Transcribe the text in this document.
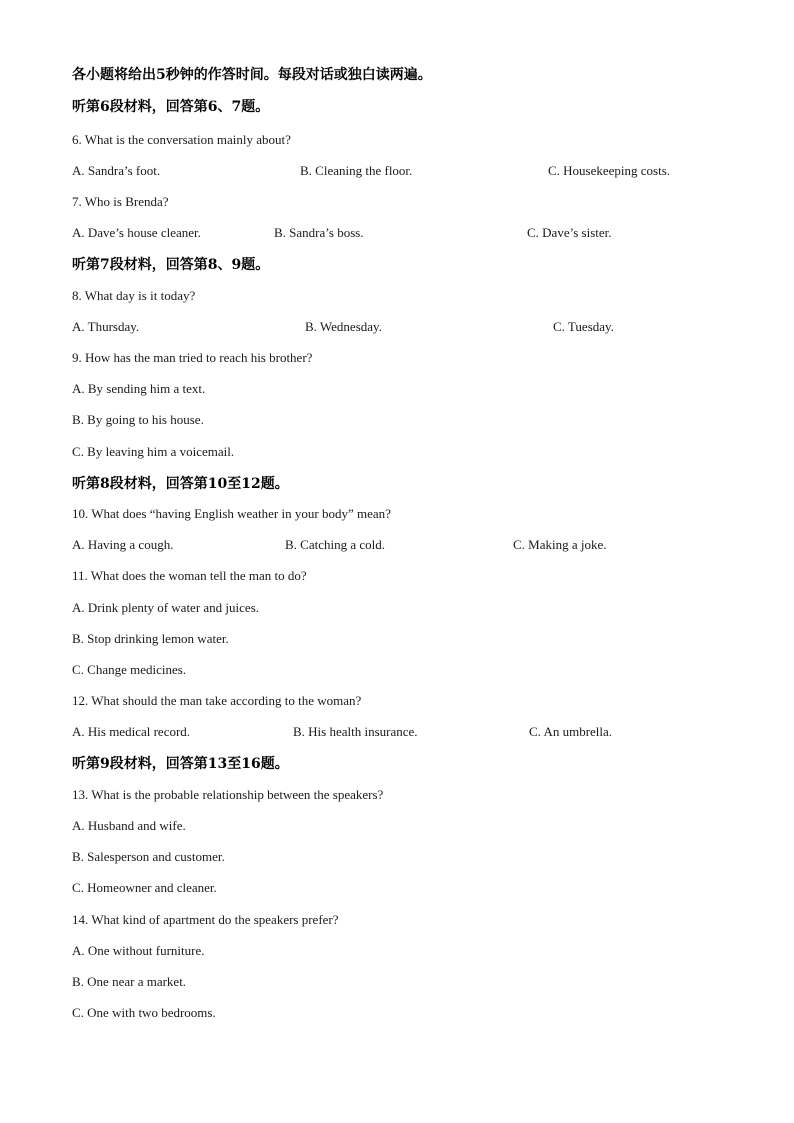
各小题将给出5秒钟的作答时间。每段对话或独白读两遍。
听第6段材料，回答第6、7题。
6. What is the conversation mainly about?
A. Sandra’s foot.	B. Cleaning the floor.	C. Housekeeping costs.
7. Who is Brenda?
A. Dave’s house cleaner.	B. Sandra’s boss.	C. Dave’s sister.
听第7段材料，回答第8、9题。
8. What day is it today?
A. Thursday.	B. Wednesday.	C. Tuesday.
9. How has the man tried to reach his brother?
A. By sending him a text.
B. By going to his house.
C. By leaving him a voicemail.
听第8段材料，回答第10至12题。
10. What does “having English weather in your body” mean?
A. Having a cough.	B. Catching a cold.	C. Making a joke.
11. What does the woman tell the man to do?
A. Drink plenty of water and juices.
B. Stop drinking lemon water.
C. Change medicines.
12. What should the man take according to the woman?
A. His medical record.	B. His health insurance.	C. An umbrella.
听第9段材料，回答第13至16题。
13. What is the probable relationship between the speakers?
A. Husband and wife.
B. Salesperson and customer.
C. Homeowner and cleaner.
14. What kind of apartment do the speakers prefer?
A. One without furniture.
B. One near a market.
C. One with two bedrooms.
